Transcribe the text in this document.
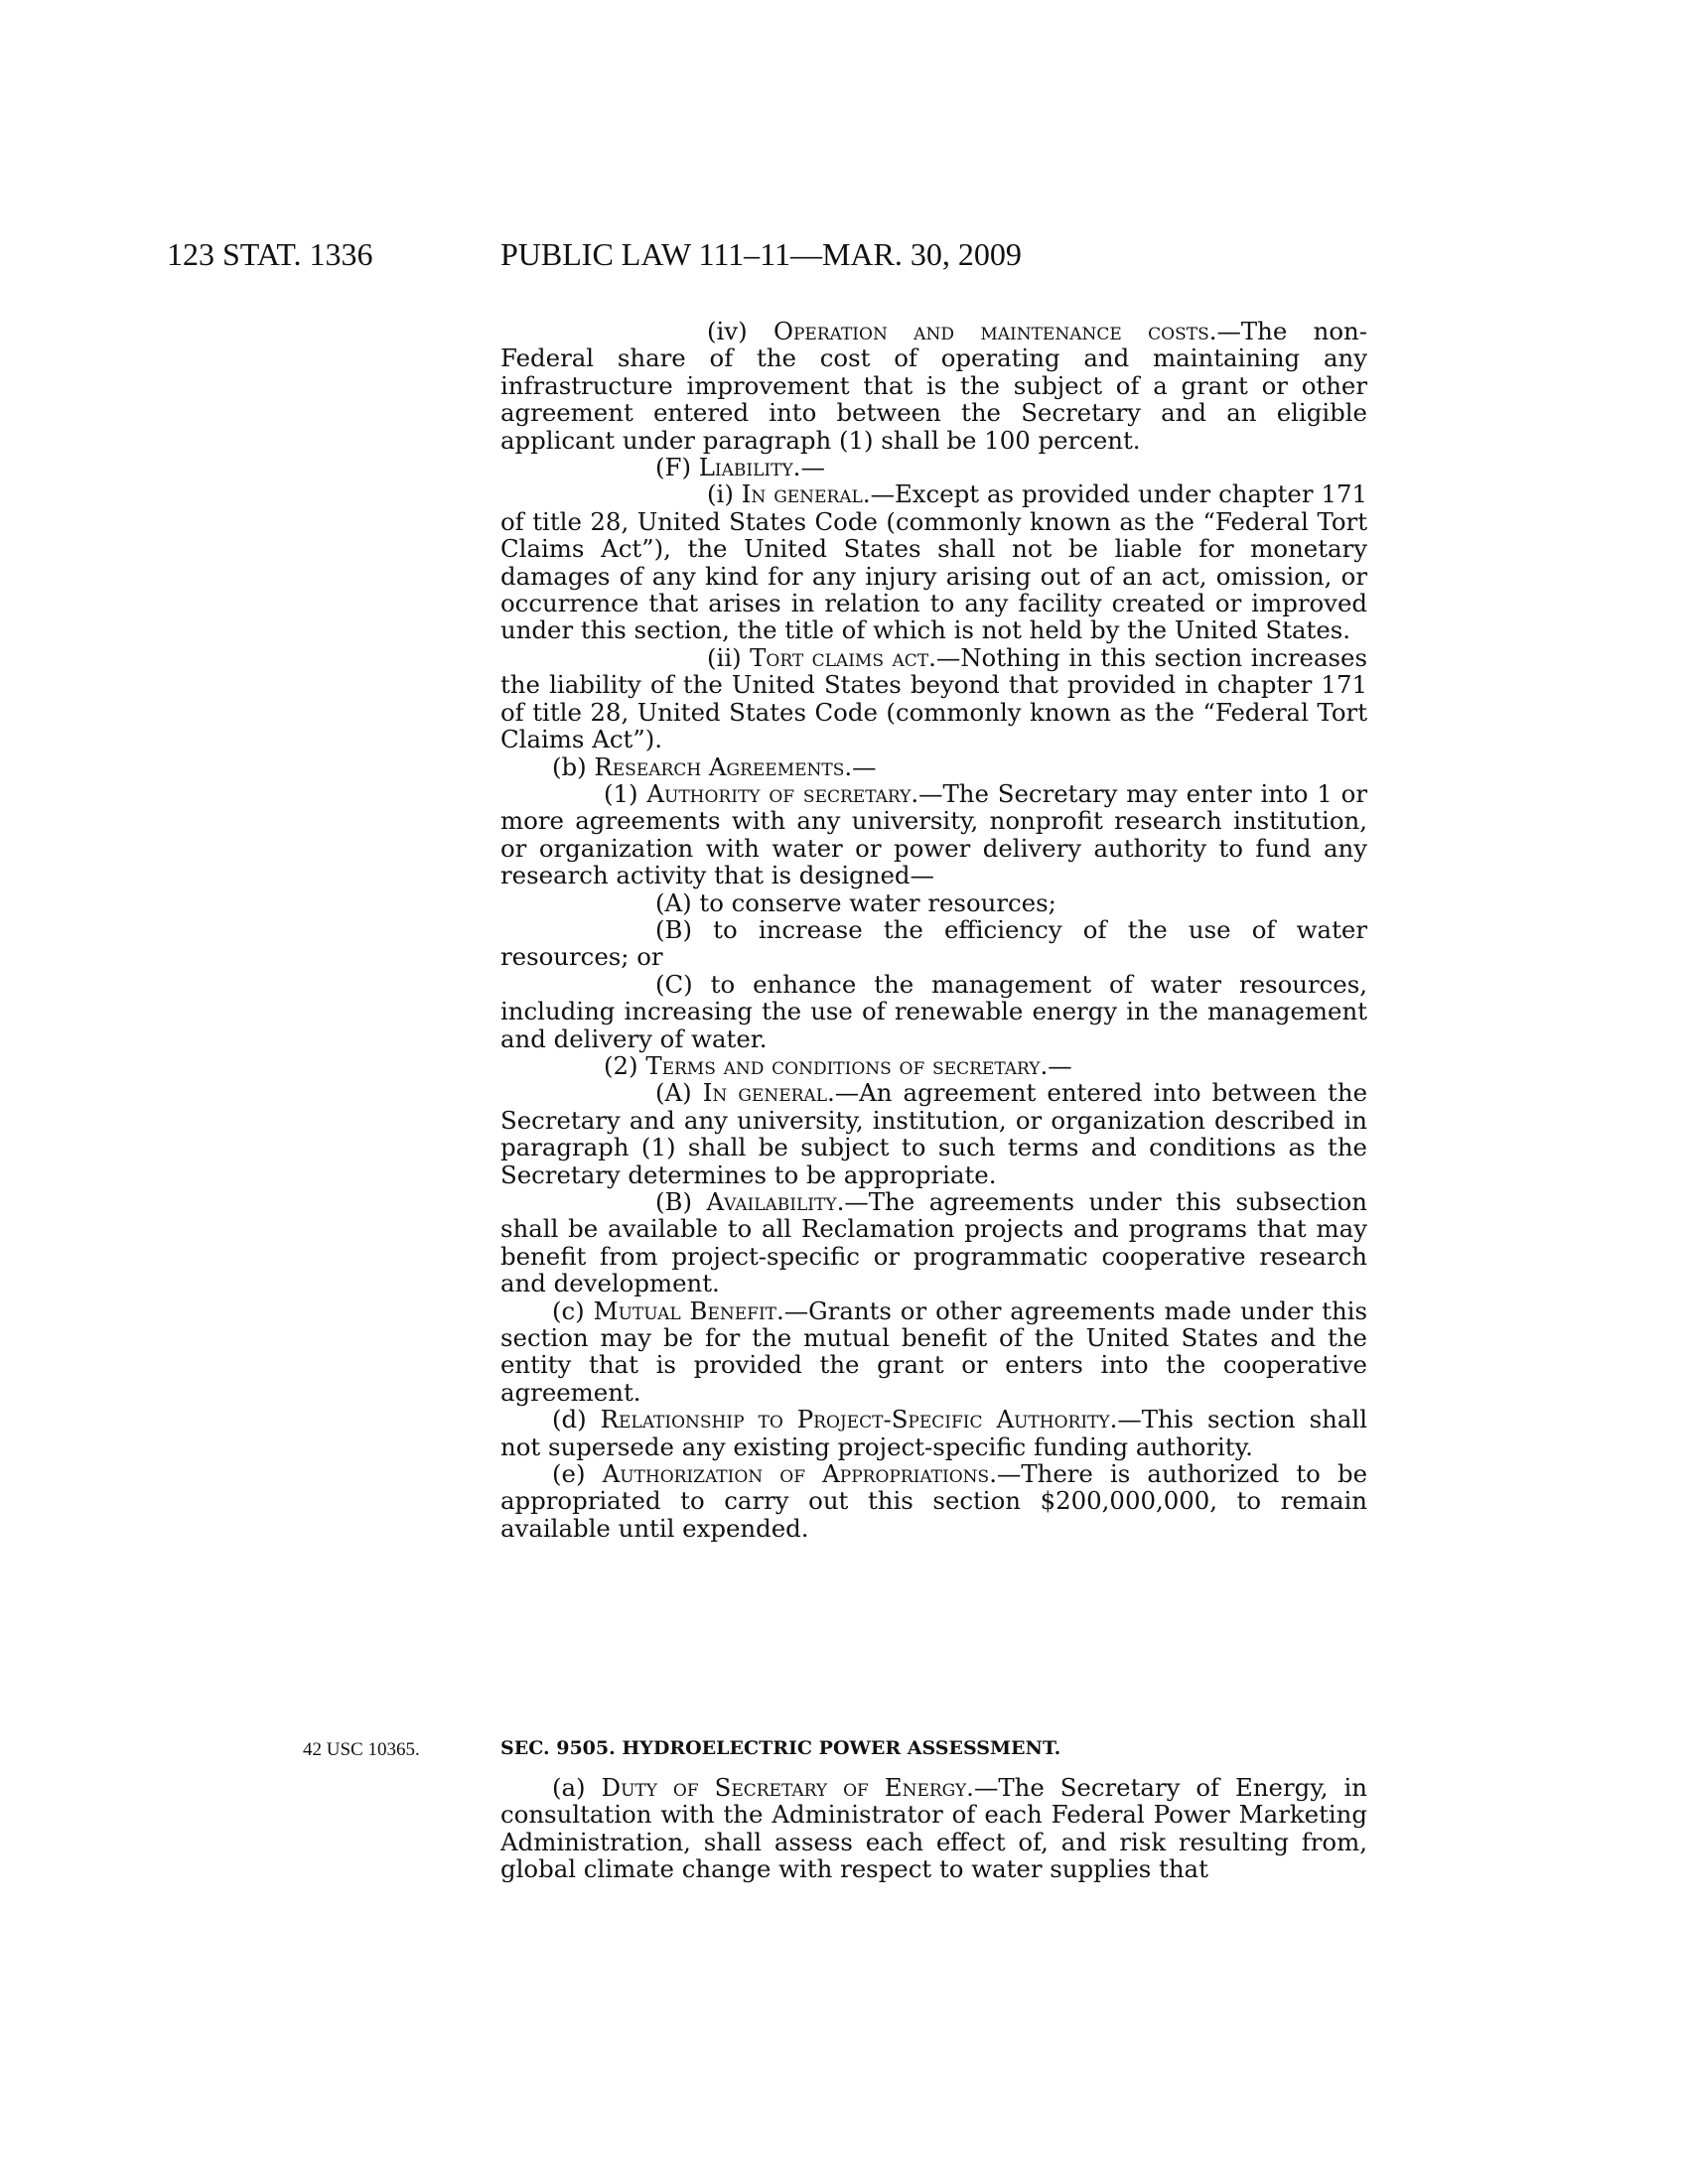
123 STAT. 1336	PUBLIC LAW 111–11—MAR. 30, 2009

(iv) Operation and maintenance costs.—The non-Federal share of the cost of operating and maintaining any infrastructure improvement that is the subject of a grant or other agreement entered into between the Secretary and an eligible applicant under paragraph (1) shall be 100 percent.

(F) Liability.—

(i) In general.—Except as provided under chapter 171 of title 28, United States Code (commonly known as the “Federal Tort Claims Act”), the United States shall not be liable for monetary damages of any kind for any injury arising out of an act, omission, or occurrence that arises in relation to any facility created or improved under this section, the title of which is not held by the United States.

(ii) Tort claims act.—Nothing in this section increases the liability of the United States beyond that provided in chapter 171 of title 28, United States Code (commonly known as the “Federal Tort Claims Act”).

(b) Research Agreements.—

(1) Authority of secretary.—The Secretary may enter into 1 or more agreements with any university, nonprofit research institution, or organization with water or power delivery authority to fund any research activity that is designed—

(A) to conserve water resources;

(B) to increase the efficiency of the use of water resources; or

(C) to enhance the management of water resources, including increasing the use of renewable energy in the management and delivery of water.

(2) Terms and conditions of secretary.—

(A) In general.—An agreement entered into between the Secretary and any university, institution, or organization described in paragraph (1) shall be subject to such terms and conditions as the Secretary determines to be appropriate.

(B) Availability.—The agreements under this subsection shall be available to all Reclamation projects and programs that may benefit from project-specific or programmatic cooperative research and development.

(c) Mutual Benefit.—Grants or other agreements made under this section may be for the mutual benefit of the United States and the entity that is provided the grant or enters into the cooperative agreement.

(d) Relationship to Project-Specific Authority.—This section shall not supersede any existing project-specific funding authority.

(e) Authorization of Appropriations.—There is authorized to be appropriated to carry out this section $200,000,000, to remain available until expended.

42 USC 10365.	SEC. 9505. HYDROELECTRIC POWER ASSESSMENT.

(a) Duty of Secretary of Energy.—The Secretary of Energy, in consultation with the Administrator of each Federal Power Marketing Administration, shall assess each effect of, and risk resulting from, global climate change with respect to water supplies that
